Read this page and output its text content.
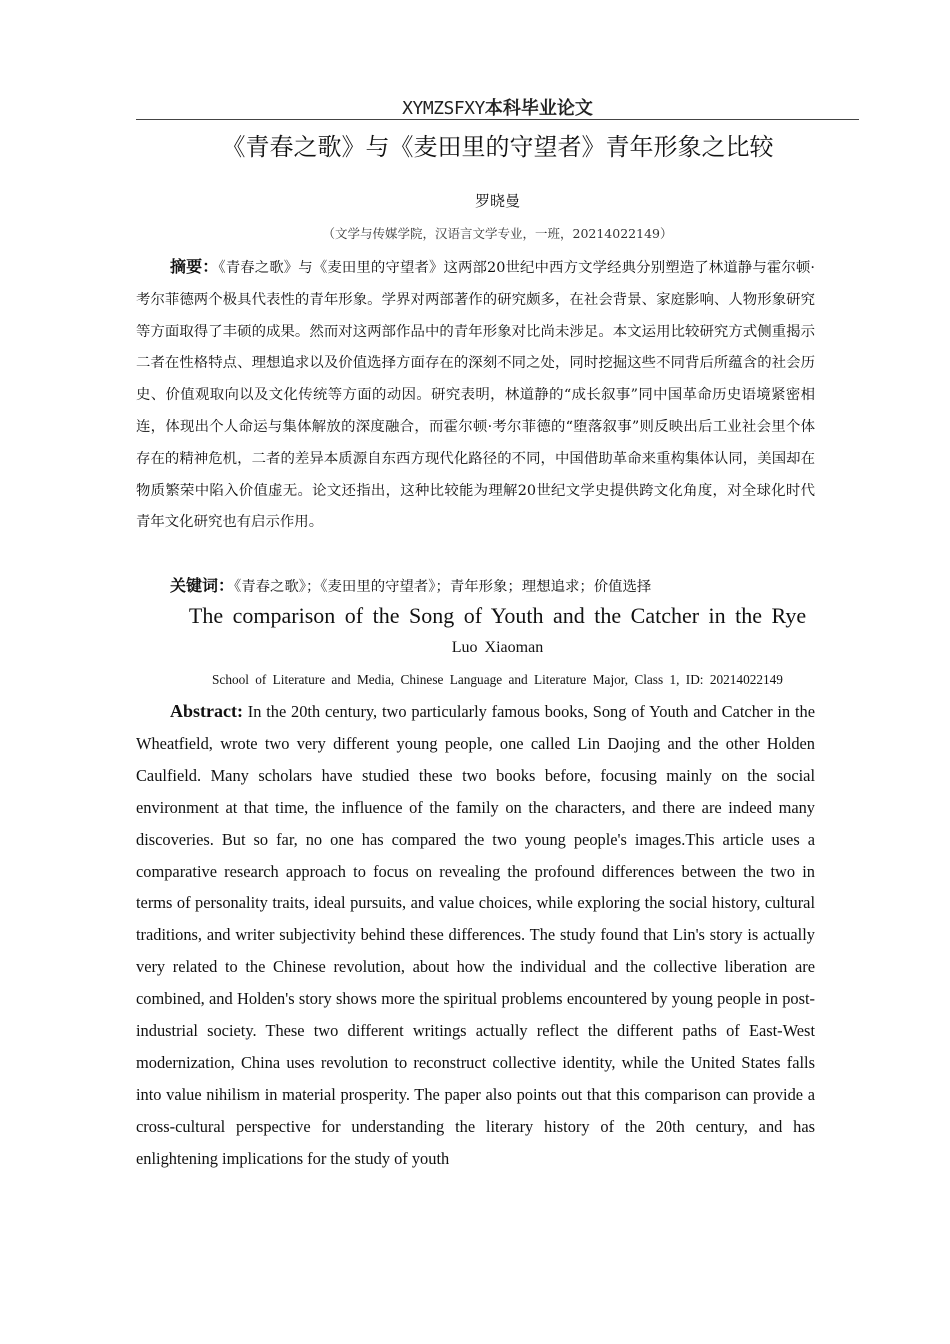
XYMZSFXY本科毕业论文
《青春之歌》与《麦田里的守望者》青年形象之比较
罗晓曼
（文学与传媒学院，汉语言文学专业，一班，20214022149）
摘要：《青春之歌》与《麦田里的守望者》这两部20世纪中西方文学经典分别塑造了林道静与霍尔顿·考尔菲德两个极具代表性的青年形象。学界对两部著作的研究颇多，在社会背景、家庭影响、人物形象研究等方面取得了丰硕的成果。然而对这两部作品中的青年形象对比尚未涉足。本文运用比较研究方式侧重揭示二者在性格特点、理想追求以及价值选择方面存在的深刻不同之处，同时挖掘这些不同背后所蕴含的社会历史、价值观取向以及文化传统等方面的动因。研究表明，林道静的“成长叙事”同中国革命历史语境紧密相连，体现出个人命运与集体解放的深度融合，而霍尔顿·考尔菲德的“堕落叙事”则反映出后工业社会里个体存在的精神危机，二者的差异本质源自东西方现代化路径的不同，中国借助革命来重构集体认同，美国却在物质繁荣中陷入价值虚无。论文还指出，这种比较能为理解20世纪文学史提供跨文化角度，对全球化时代青年文化研究也有启示作用。
关键词：《青春之歌》；《麦田里的守望者》；青年形象；理想追求；价值选择
The comparison of the Song of Youth and the Catcher in the Rye
Luo Xiaoman
School of Literature and Media, Chinese Language and Literature Major, Class 1, ID: 20214022149
Abstract: In the 20th century, two particularly famous books, Song of Youth and Catcher in the Wheatfield, wrote two very different young people, one called Lin Daojing and the other Holden Caulfield. Many scholars have studied these two books before, focusing mainly on the social environment at that time, the influence of the family on the characters, and there are indeed many discoveries. But so far, no one has compared the two young people's images.This article uses a comparative research approach to focus on revealing the profound differences between the two in terms of personality traits, ideal pursuits, and value choices, while exploring the social history, cultural traditions, and writer subjectivity behind these differences. The study found that Lin's story is actually very related to the Chinese revolution, about how the individual and the collective liberation are combined, and Holden's story shows more the spiritual problems encountered by young people in post-industrial society. These two different writings actually reflect the different paths of East-West modernization, China uses revolution to reconstruct collective identity, while the United States falls into value nihilism in material prosperity. The paper also points out that this comparison can provide a cross-cultural perspective for understanding the literary history of the 20th century, and has enlightening implications for the study of youth
